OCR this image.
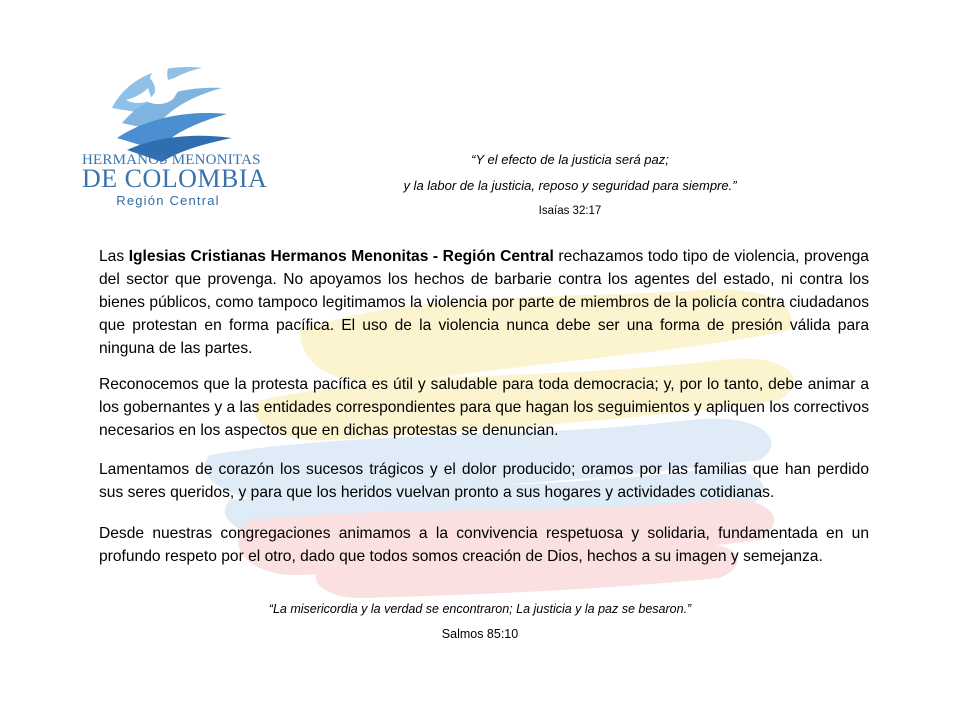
HERMANOS MENONITAS
DE COLOMBIA
Región Central
“Y el efecto de la justicia será paz;
y la labor de la justicia, reposo y seguridad para siempre.”
Isaías 32:17

Las Iglesias Cristianas Hermanos Menonitas - Región Central rechazamos todo tipo de violencia, provenga del sector que provenga. No apoyamos los hechos de barbarie contra los agentes del estado, ni contra los bienes públicos, como tampoco legitimamos la violencia por parte de miembros de la policía contra ciudadanos que protestan en forma pacífica. El uso de la violencia nunca debe ser una forma de presión válida para ninguna de las partes.

Reconocemos que la protesta pacífica es útil y saludable para toda democracia; y, por lo tanto, debe animar a los gobernantes y a las entidades correspondientes para que hagan los seguimientos y apliquen los correctivos necesarios en los aspectos que en dichas protestas se denuncian.

Lamentamos de corazón los sucesos trágicos y el dolor producido; oramos por las familias que han perdido sus seres queridos, y para que los heridos vuelvan pronto a sus hogares y actividades cotidianas.

Desde nuestras congregaciones animamos a la convivencia respetuosa y solidaria, fundamentada en un profundo respeto por el otro, dado que todos somos creación de Dios, hechos a su imagen y semejanza.

“La misericordia y la verdad se encontraron; La justicia y la paz se besaron.”
Salmos 85:10
